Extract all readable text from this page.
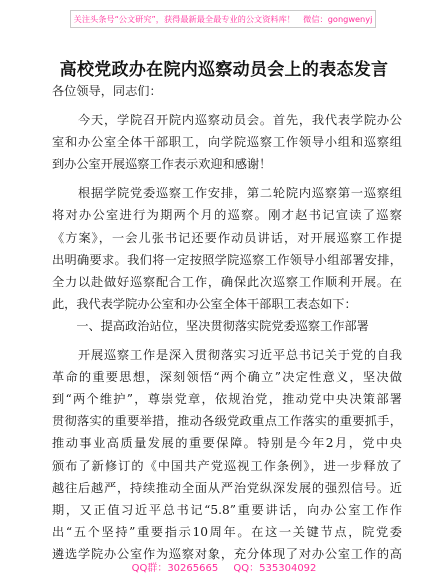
关注头条号“公文研究”，获得最新最全最专业的公文资料库！　微信：gongwenyj
高校党政办在院内巡察动员会上的表态发言
各位领导，同志们：
　　今天，学院召开院内巡察动员会。首先，我代表学院办公
室和办公室全体干部职工，向学院巡察工作领导小组和巡察组
到办公室开展巡察工作表示欢迎和感谢！
　　根据学院党委巡察工作安排，第二轮院内巡察第一巡察组
将对办公室进行为期两个月的巡察。刚才赵书记宣读了巡察
《方案》，一会儿张书记还要作动员讲话，对开展巡察工作提
出明确要求。我们将一定按照学院巡察工作领导小组部署安排，
全力以赴做好巡察配合工作，确保此次巡察工作顺利开展。在
此，我代表学院办公室和办公室全体干部职工表态如下：
　　一、提高政治站位，坚决贯彻落实院党委巡察工作部署
　　开展巡察工作是深入贯彻落实习近平总书记关于党的自我
革命的重要思想，深刻领悟“两个确立”决定性意义，坚决做
到“两个维护”，尊崇党章，依规治党，推动党中央决策部署
贯彻落实的重要举措，推动各级党政重点工作落实的重要抓手，
推动事业高质量发展的重要保障。特别是今年2月，党中央
颁布了新修订的《中国共产党巡视工作条例》，进一步释放了
越往后越严，持续推动全面从严治党纵深发展的强烈信号。近
期，又正值习近平总书记“5.8”重要讲话，向办公室工作作
出“五个坚持”重要指示10周年。在这一关键节点，院党委
遴选学院办公室作为巡察对象，充分体现了对办公室工作的高
QQ群：30265665 QQ：535304092
